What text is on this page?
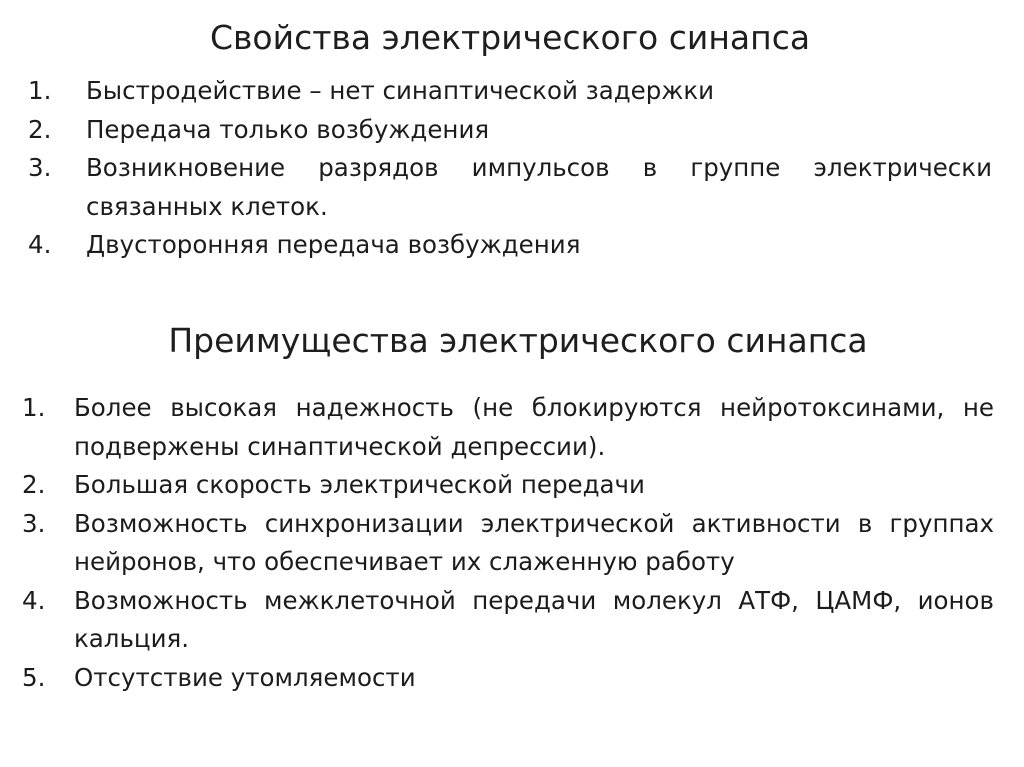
Свойства электрического синапса
1.	Быстродействие – нет синаптической задержки
2.	Передача только возбуждения
3.	Возникновение разрядов импульсов в группе электрически связанных клеток.
4.	Двусторонняя передача возбуждения
Преимущества электрического синапса
1.	Более высокая надежность (не блокируются нейротоксинами, не подвержены синаптической депрессии).
2.	Большая скорость электрической передачи
3.	Возможность синхронизации электрической активности в группах нейронов, что обеспечивает их слаженную работу
4.	Возможность межклеточной передачи молекул АТФ, ЦАМФ, ионов кальция.
5.	Отсутствие утомляемости
